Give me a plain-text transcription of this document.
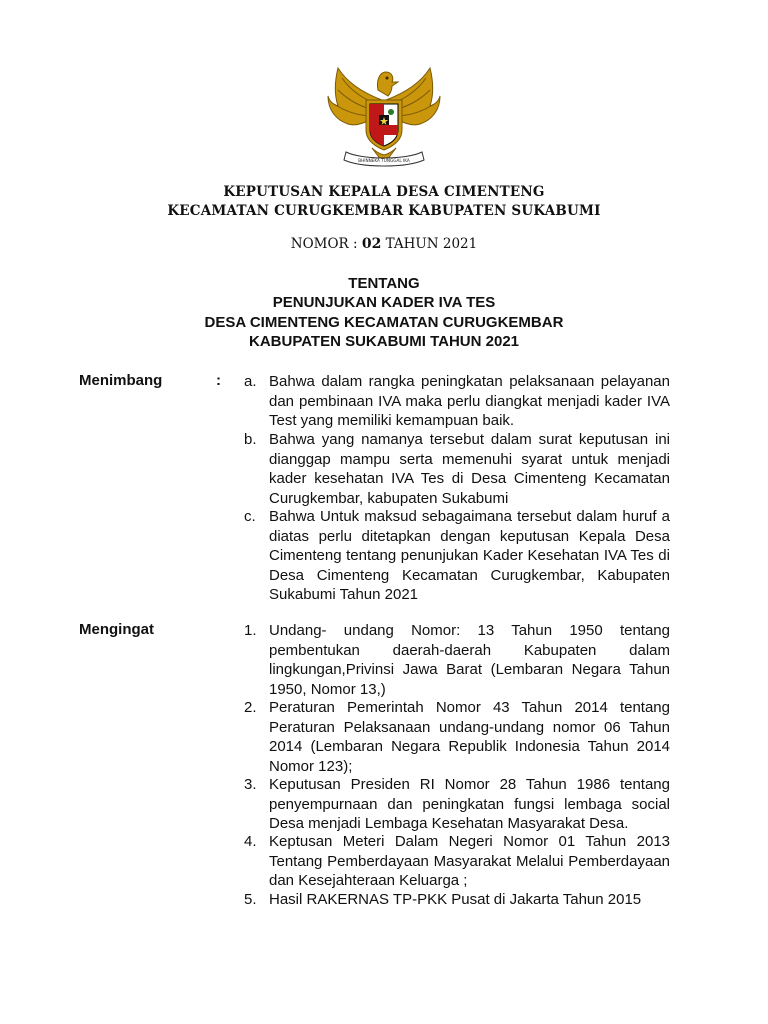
BHINNEKA TUNGGAL IKA
KEPUTUSAN KEPALA DESA CIMENTENG
KECAMATAN CURUGKEMBAR KABUPATEN SUKABUMI
NOMOR : 02 TAHUN 2021
TENTANG
PENUNJUKAN KADER IVA TES
DESA CIMENTENG KECAMATAN CURUGKEMBAR
KABUPATEN SUKABUMI TAHUN 2021
Menimbang	: a. Bahwa dalam rangka peningkatan pelaksanaan pelayanan dan pembinaan IVA maka perlu diangkat menjadi kader IVA Test yang memiliki kemampuan baik.
b. Bahwa yang namanya tersebut dalam surat keputusan ini dianggap mampu serta memenuhi syarat untuk menjadi kader kesehatan IVA Tes di Desa Cimenteng Kecamatan Curugkembar, kabupaten Sukabumi
c. Bahwa Untuk maksud sebagaimana tersebut dalam huruf a diatas perlu ditetapkan dengan keputusan Kepala Desa Cimenteng tentang penunjukan Kader Kesehatan IVA Tes di Desa Cimenteng Kecamatan Curugkembar, Kabupaten Sukabumi Tahun 2021
Mengingat	1. Undang- undang Nomor: 13 Tahun 1950 tentang pembentukan daerah-daerah Kabupaten dalam lingkungan,Privinsi Jawa Barat (Lembaran Negara Tahun 1950, Nomor 13,)
2. Peraturan Pemerintah Nomor 43 Tahun 2014 tentang Peraturan Pelaksanaan undang-undang nomor 06 Tahun 2014 (Lembaran Negara Republik Indonesia Tahun 2014 Nomor 123);
3. Keputusan Presiden RI Nomor 28 Tahun 1986 tentang penyempurnaan dan peningkatan fungsi lembaga social Desa menjadi Lembaga Kesehatan Masyarakat Desa.
4. Keptusan Meteri Dalam Negeri Nomor 01 Tahun 2013 Tentang Pemberdayaan Masyarakat Melalui Pemberdayaan dan Kesejahteraan Keluarga ;
5. Hasil RAKERNAS TP-PKK Pusat di Jakarta Tahun 2015
